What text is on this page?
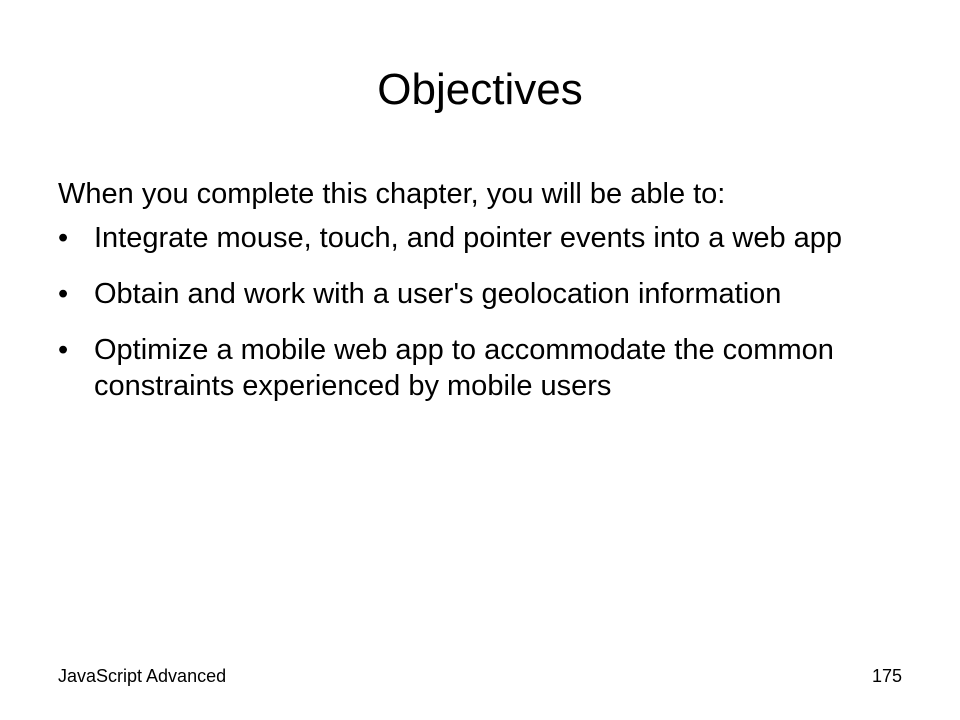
Objectives

When you complete this chapter, you will be able to:

• Integrate mouse, touch, and pointer events into a web app
• Obtain and work with a user's geolocation information
• Optimize a mobile web app to accommodate the common constraints experienced by mobile users
JavaScript Advanced	175
